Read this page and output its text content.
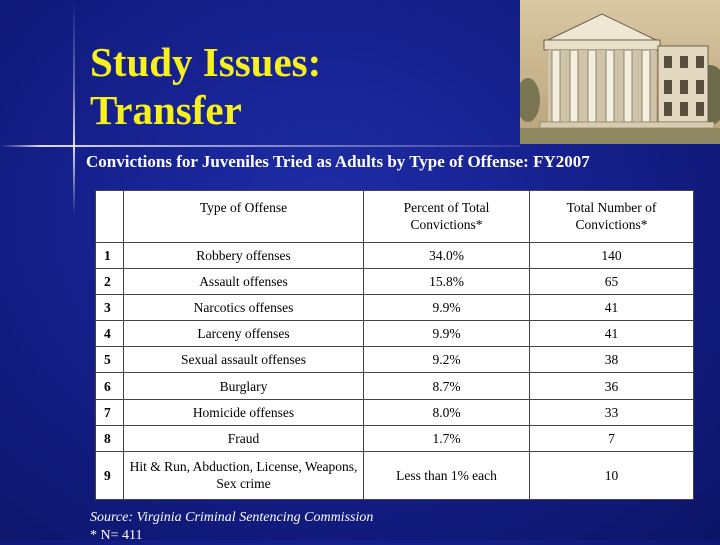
Study Issues:
Transfer
Convictions for Juveniles Tried as Adults by Type of Offense: FY2007
	Type of Offense	Percent of Total Convictions*	Total Number of Convictions*
1	Robbery offenses	34.0%	140
2	Assault offenses	15.8%	65
3	Narcotics offenses	9.9%	41
4	Larceny offenses	9.9%	41
5	Sexual assault offenses	9.2%	38
6	Burglary	8.7%	36
7	Homicide offenses	8.0%	33
8	Fraud	1.7%	7
9	Hit & Run, Abduction, License, Weapons, Sex crime	Less than 1% each	10

Source: Virginia Criminal Sentencing Commission
* N= 411
